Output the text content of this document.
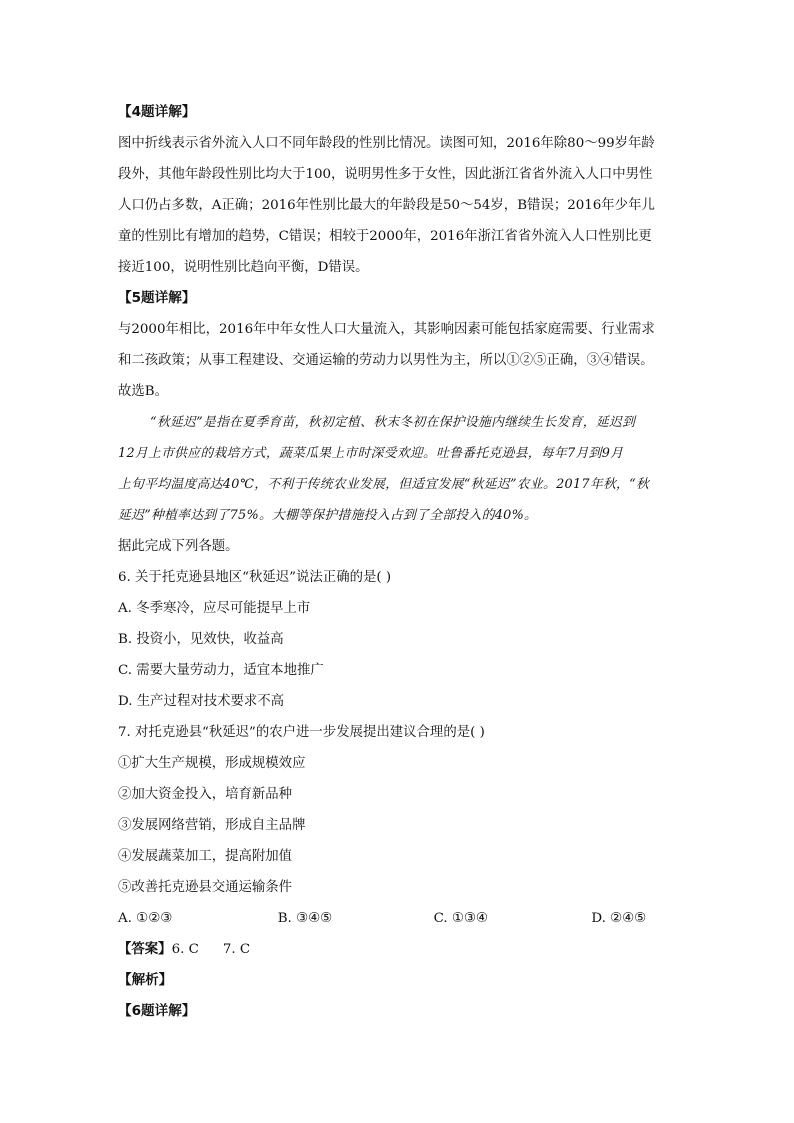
【4题详解】
图中折线表示省外流入人口不同年龄段的性别比情况。读图可知，2016年除80～99岁年龄
段外，其他年龄段性别比均大于100，说明男性多于女性，因此浙江省省外流入人口中男性
人口仍占多数，A正确；2016年性别比最大的年龄段是50～54岁，B错误；2016年少年儿
童的性别比有增加的趋势，C错误；相较于2000年，2016年浙江省省外流入人口性别比更
接近100，说明性别比趋向平衡，D错误。
【5题详解】
与2000年相比，2016年中年女性人口大量流入，其影响因素可能包括家庭需要、行业需求
和二孩政策；从事工程建设、交通运输的劳动力以男性为主，所以①②⑤正确，③④错误。
故选B。
“秋延迟”是指在夏季育苗，秋初定植、秋末冬初在保护设施内继续生长发育，延迟到
12月上市供应的栽培方式，蔬菜瓜果上市时深受欢迎。吐鲁番托克逊县，每年7月到9月
上旬平均温度高达40℃，不利于传统农业发展，但适宜发展“秋延迟”农业。2017年秋，“秋
延迟”种植率达到了75%。大棚等保护措施投入占到了全部投入的40%。
据此完成下列各题。
6. 关于托克逊县地区“秋延迟”说法正确的是( )
A. 冬季寒冷，应尽可能提早上市
B. 投资小，见效快，收益高
C. 需要大量劳动力，适宜本地推广
D. 生产过程对技术要求不高
7. 对托克逊县“秋延迟”的农户进一步发展提出建议合理的是( )
①扩大生产规模，形成规模效应
②加大资金投入，培育新品种
③发展网络营销，形成自主品牌
④发展蔬菜加工，提高附加值
⑤改善托克逊县交通运输条件
A. ①②③	B. ③④⑤	C. ①③④	D. ②④⑤
【答案】6. C 7. C
【解析】
【6题详解】
